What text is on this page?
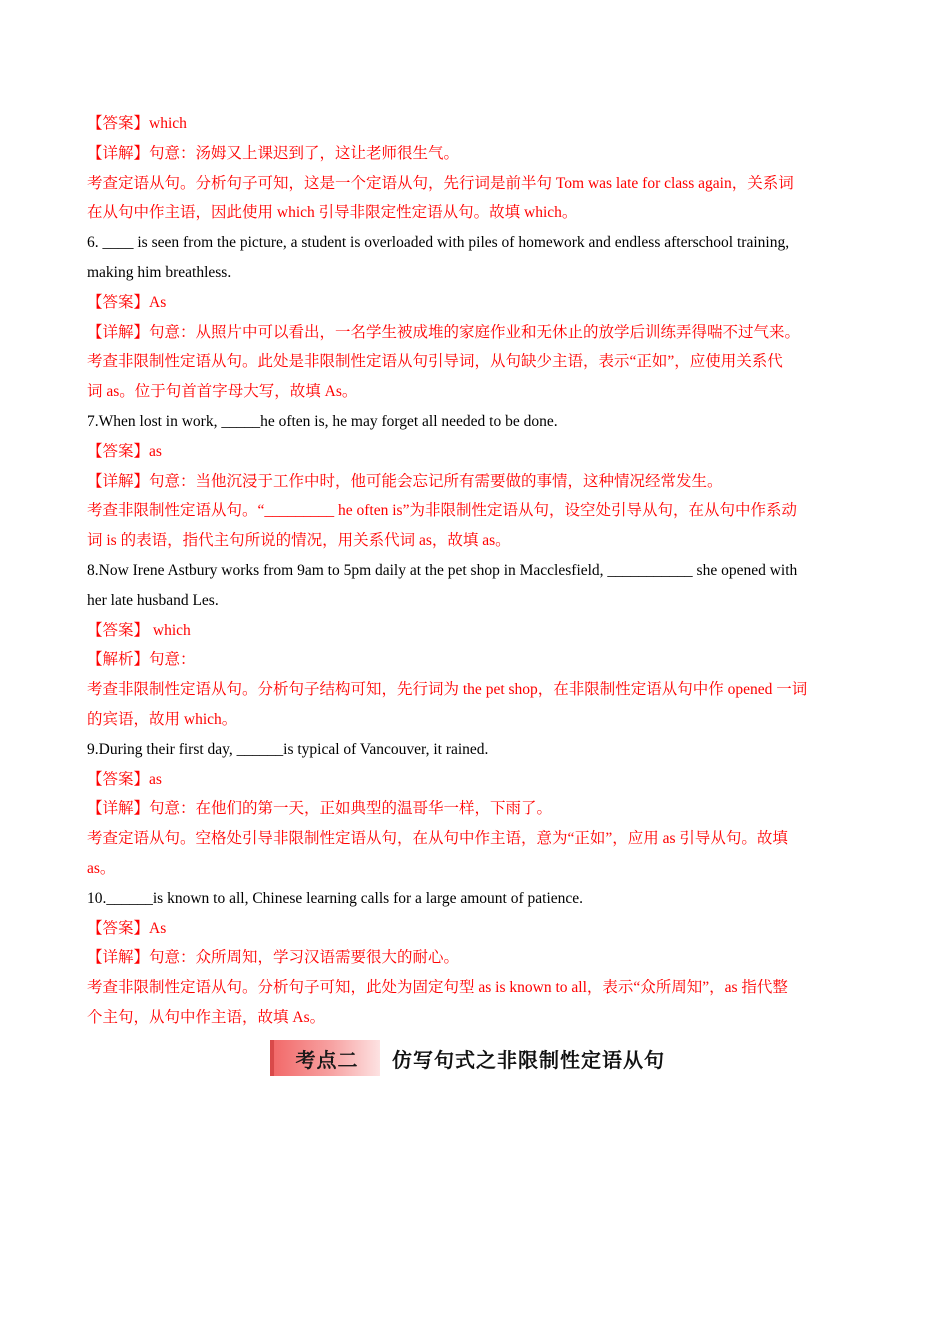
【答案】which

【详解】句意：汤姆又上课迟到了，这让老师很生气。

考查定语从句。分析句子可知，这是一个定语从句，先行词是前半句 Tom was late for class again，关系词

在从句中作主语，因此使用 which 引导非限定性定语从句。故填 which。

6. ____ is seen from the picture, a student is overloaded with piles of homework and endless afterschool training,

making him breathless.

【答案】As

【详解】句意：从照片中可以看出，一名学生被成堆的家庭作业和无休止的放学后训练弄得喘不过气来。

考查非限制性定语从句。此处是非限制性定语从句引导词，从句缺少主语，表示“正如”，应使用关系代

词 as。位于句首首字母大写，故填 As。

7.When lost in work, _____he often is, he may forget all needed to be done.

【答案】as

【详解】句意：当他沉浸于工作中时，他可能会忘记所有需要做的事情，这种情况经常发生。

考查非限制性定语从句。“_________ he often is”为非限制性定语从句，设空处引导从句，在从句中作系动

词 is 的表语，指代主句所说的情况，用关系代词 as，故填 as。

8.Now Irene Astbury works from 9am to 5pm daily at the pet shop in Macclesfield, ___________ she opened with

her late husband Les.

【答案】 which

【解析】句意：

考查非限制性定语从句。分析句子结构可知，先行词为 the pet shop，在非限制性定语从句中作 opened 一词

的宾语，故用 which。

9.During their first day, ______is typical of Vancouver, it rained.

【答案】as

【详解】句意：在他们的第一天，正如典型的温哥华一样，下雨了。

考查定语从句。空格处引导非限制性定语从句，在从句中作主语，意为“正如”，应用 as 引导从句。故填

as。

10.______is known to all, Chinese learning calls for a large amount of patience.

【答案】As

【详解】句意：众所周知，学习汉语需要很大的耐心。

考查非限制性定语从句。分析句子可知，此处为固定句型 as is known to all，表示“众所周知”，as 指代整

个主句，从句中作主语，故填 As。

考点二	仿写句式之非限制性定语从句
